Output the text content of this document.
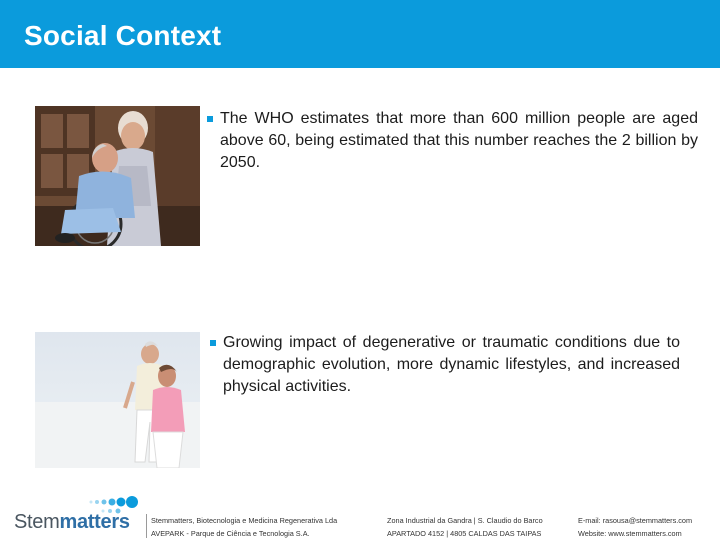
Social Context
The WHO estimates that more than 600 million people are aged above 60, being estimated that this number reaches the 2 billion by 2050.
Growing impact of degenerative or traumatic conditions due to demographic evolution, more dynamic lifestyles, and increased physical activities.
Stemmatters	Stemmatters, Biotecnologia e Medicina Regenerativa Lda
AVEPARK - Parque de Ciência e Tecnologia S.A.
Zona Industrial da Gandra | S. Claudio do Barco
APARTADO 4152 | 4805 CALDAS DAS TAIPAS
E-mail: rasousa@stemmatters.com
Website: www.stemmatters.com
